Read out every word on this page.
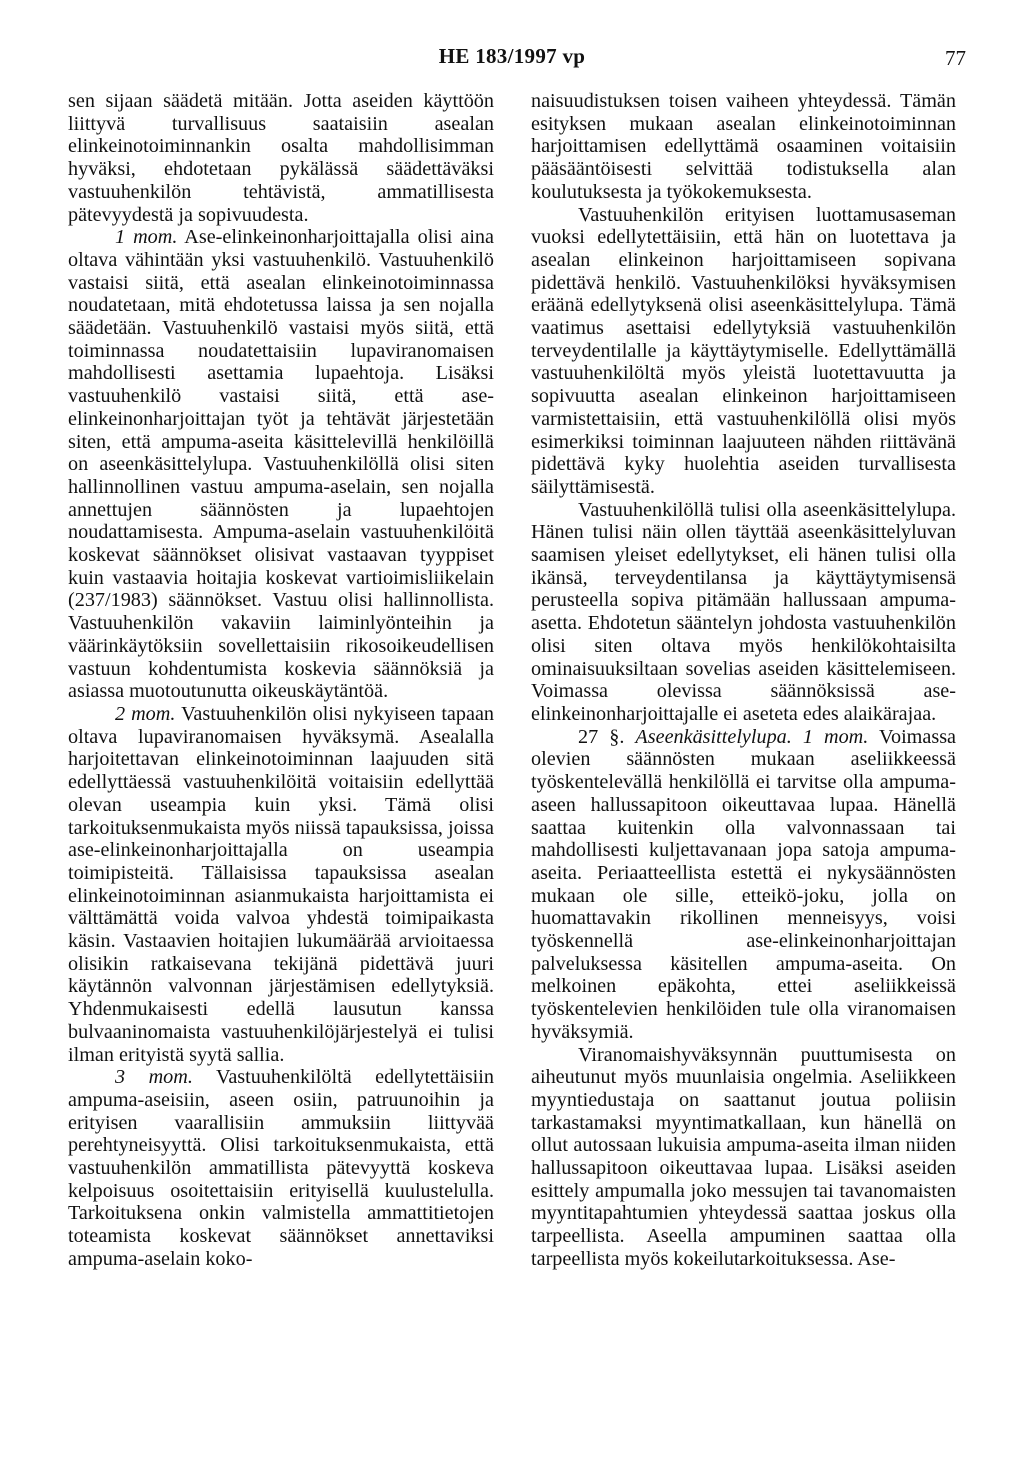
HE 183/1997 vp	77

sen sijaan säädetä mitään. Jotta aseiden käyttöön liittyvä turvallisuus saataisiin asealan elinkeinotoiminnankin osalta mahdollisimman hyväksi, ehdotetaan pykälässä säädettäväksi vastuuhenkilön tehtävistä, ammatillisesta pätevyydestä ja sopivuudesta.

1 mom. Ase-elinkeinonharjoittajalla olisi aina oltava vähintään yksi vastuuhenkilö. Vastuuhenkilö vastaisi siitä, että asealan elinkeinotoiminnassa noudatetaan, mitä ehdotetussa laissa ja sen nojalla säädetään. Vastuuhenkilö vastaisi myös siitä, että toiminnassa noudatettaisiin lupaviranomaisen mahdollisesti asettamia lupaehtoja. Lisäksi vastuuhenkilö vastaisi siitä, että ase-elinkeinonharjoittajan työt ja tehtävät järjestetään siten, että ampuma-aseita käsittelevillä henkilöillä on aseenkäsittelylupa. Vastuuhenkilöllä olisi siten hallinnollinen vastuu ampuma-aselain, sen nojalla annettujen säännösten ja lupaehtojen noudattamisesta. Ampuma-aselain vastuuhenkilöitä koskevat säännökset olisivat vastaavan tyyppiset kuin vastaavia hoitajia koskevat vartioimisliikelain (237/1983) säännökset. Vastuu olisi hallinnollista. Vastuuhenkilön vakaviin laiminlyönteihin ja väärinkäytöksiin sovellettaisiin rikosoikeudellisen vastuun kohdentumista koskevia säännöksiä ja asiassa muotoutunutta oikeuskäytäntöä.

2 mom. Vastuuhenkilön olisi nykyiseen tapaan oltava lupaviranomaisen hyväksymä. Asealalla harjoitettavan elinkeinotoiminnan laajuuden sitä edellyttäessä vastuuhenkilöitä voitaisiin edellyttää olevan useampia kuin yksi. Tämä olisi tarkoituksenmukaista myös niissä tapauksissa, joissa ase-elinkeinonharjoittajalla on useampia toimipisteitä. Tällaisissa tapauksissa asealan elinkeinotoiminnan asianmukaista harjoittamista ei välttämättä voida valvoa yhdestä toimipaikasta käsin. Vastaavien hoitajien lukumäärää arvioitaessa olisikin ratkaisevana tekijänä pidettävä juuri käytännön valvonnan järjestämisen edellytyksiä. Yhdenmukaisesti edellä lausutun kanssa bulvaaninomaista vastuuhenkilöjärjestelyä ei tulisi ilman erityistä syytä sallia.

3 mom. Vastuuhenkilöltä edellytettäisiin ampuma-aseisiin, aseen osiin, patruunoihin ja erityisen vaarallisiin ammuksiin liittyvää perehtyneisyyttä. Olisi tarkoituksenmukaista, että vastuuhenkilön ammatillista pätevyyttä koskeva kelpoisuus osoitettaisiin erityisellä kuulustelulla. Tarkoituksena onkin valmistella ammattitietojen toteamista koskevat säännökset annettaviksi ampuma-aselain koko-

naisuudistuksen toisen vaiheen yhteydessä. Tämän esityksen mukaan asealan elinkeinotoiminnan harjoittamisen edellyttämä osaaminen voitaisiin pääsääntöisesti selvittää todistuksella alan koulutuksesta ja työkokemuksesta.

Vastuuhenkilön erityisen luottamusaseman vuoksi edellytettäisiin, että hän on luotettava ja asealan elinkeinon harjoittamiseen sopivana pidettävä henkilö. Vastuuhenkilöksi hyväksymisen eräänä edellytyksenä olisi aseenkäsittelylupa. Tämä vaatimus asettaisi edellytyksiä vastuuhenkilön terveydentilalle ja käyttäytymiselle. Edellyttämällä vastuuhenkilöltä myös yleistä luotettavuutta ja sopivuutta asealan elinkeinon harjoittamiseen varmistettaisiin, että vastuuhenkilöllä olisi myös esimerkiksi toiminnan laajuuteen nähden riittävänä pidettävä kyky huolehtia aseiden turvallisesta säilyttämisestä.

Vastuuhenkilöllä tulisi olla aseenkäsittelylupa. Hänen tulisi näin ollen täyttää aseenkäsittelyluvan saamisen yleiset edellytykset, eli hänen tulisi olla ikänsä, terveydentilansa ja käyttäytymisensä perusteella sopiva pitämään hallussaan ampuma-asetta. Ehdotetun sääntelyn johdosta vastuuhenkilön olisi siten oltava myös henkilökohtaisilta ominaisuuksiltaan sovelias aseiden käsittelemiseen. Voimassa olevissa säännöksissä ase-elinkeinonharjoittajalle ei aseteta edes alaikärajaa.

27 §. Aseenkäsittelylupa. 1 mom. Voimassa olevien säännösten mukaan aseliikkeessä työskentelevällä henkilöllä ei tarvitse olla ampuma-aseen hallussapitoon oikeuttavaa lupaa. Hänellä saattaa kuitenkin olla valvonnassaan tai mahdollisesti kuljettavanaan jopa satoja ampuma-aseita. Periaatteellista estettä ei nykysäännösten mukaan ole sille, etteikö-joku, jolla on huomattavakin rikollinen menneisyys, voisi työskennellä ase-elinkeinonharjoittajan palveluksessa käsitellen ampuma-aseita. On melkoinen epäkohta, ettei aseliikkeissä työskentelevien henkilöiden tule olla viranomaisen hyväksymiä.

Viranomaishyväksynnän puuttumisesta on aiheutunut myös muunlaisia ongelmia. Aseliikkeen myyntiedustaja on saattanut joutua poliisin tarkastamaksi myyntimatkallaan, kun hänellä on ollut autossaan lukuisia ampuma-aseita ilman niiden hallussapitoon oikeuttavaa lupaa. Lisäksi aseiden esittely ampumalla joko messujen tai tavanomaisten myyntitapahtumien yhteydessä saattaa joskus olla tarpeellista. Aseella ampuminen saattaa olla tarpeellista myös kokeilutarkoituksessa. Ase-
